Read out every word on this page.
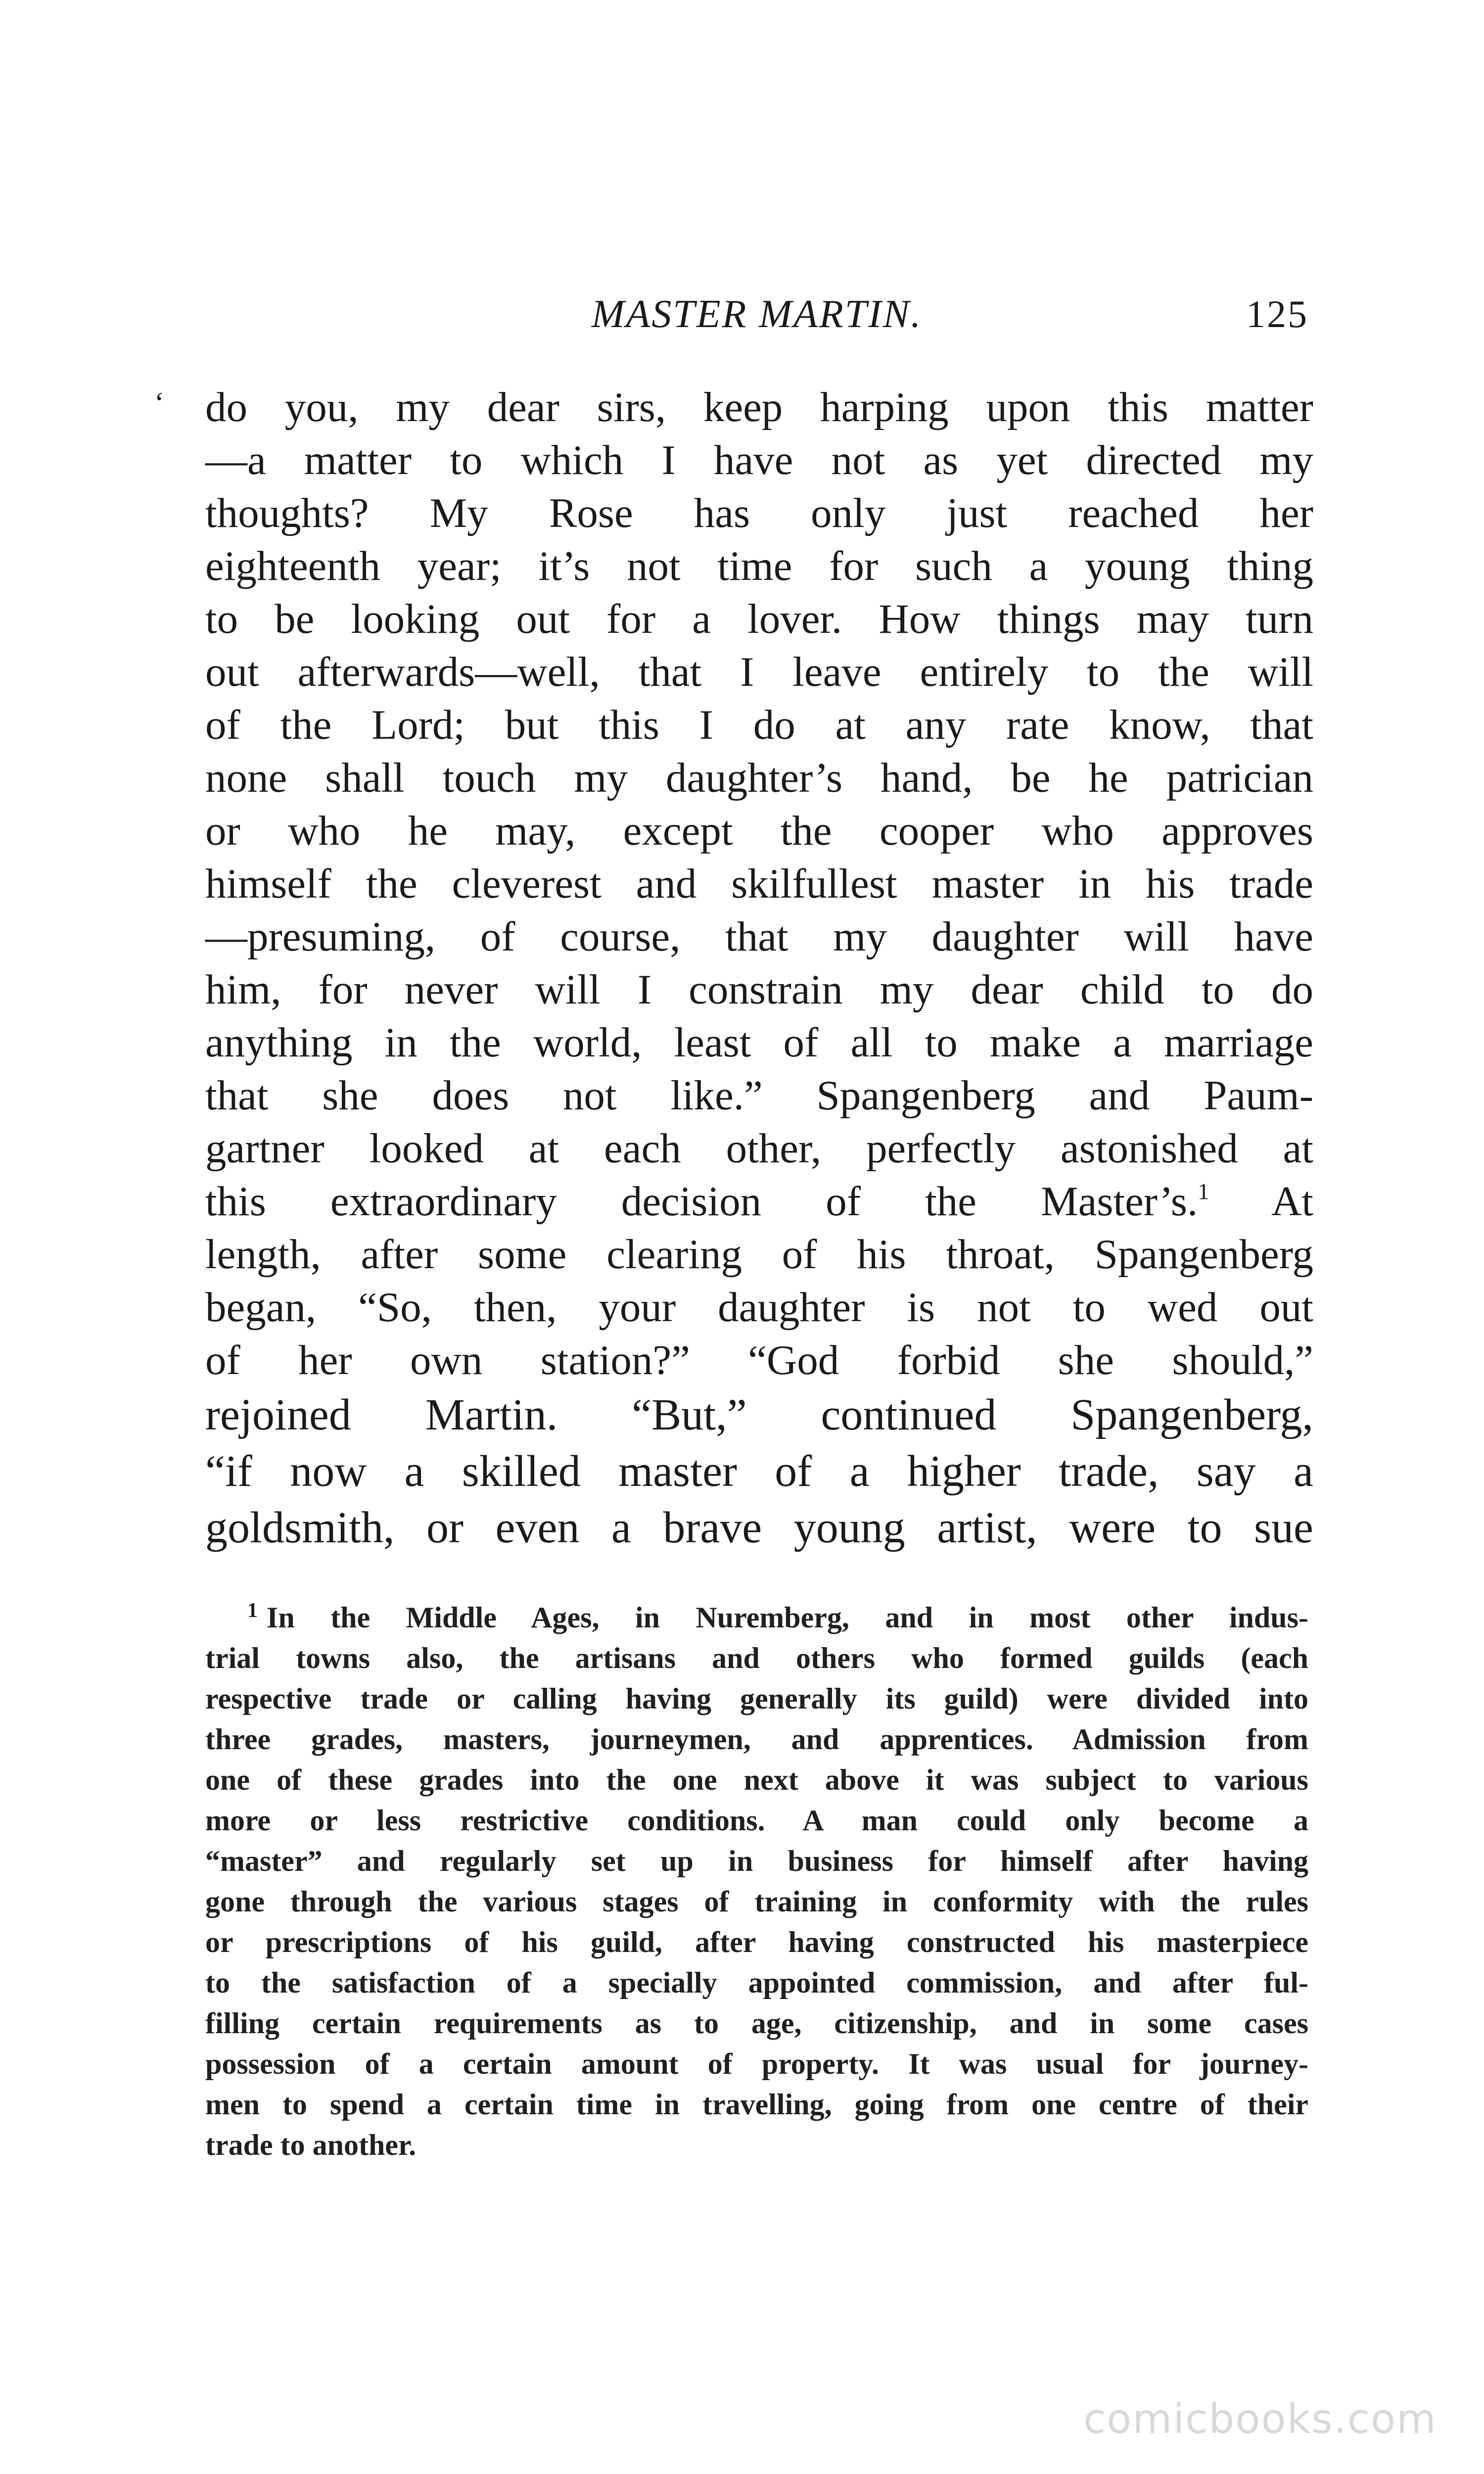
MASTER MARTIN.	125
‘ do you, my dear sirs, keep harping upon this matter
—a matter to which I have not as yet directed my
thoughts? My Rose has only just reached her
eighteenth year; it’s not time for such a young thing
to be looking out for a lover. How things may turn
out afterwards—well, that I leave entirely to the will
of the Lord; but this I do at any rate know, that
none shall touch my daughter’s hand, be he patrician
or who he may, except the cooper who approves
himself the cleverest and skilfullest master in his trade
—presuming, of course, that my daughter will have
him, for never will I constrain my dear child to do
anything in the world, least of all to make a marriage
that she does not like.” Spangenberg and Paum-
gartner looked at each other, perfectly astonished at
this extraordinary decision of the Master’s.$^1$ At
length, after some clearing of his throat, Spangenberg
began, “So, then, your daughter is not to wed out
of her own station?” “God forbid she should,”
rejoined Martin. “But,” continued Spangenberg,
“if now a skilled master of a higher trade, say a
goldsmith, or even a brave young artist, were to sue
$^1$ In the Middle Ages, in Nuremberg, and in most other indus-
trial towns also, the artisans and others who formed guilds (each
respective trade or calling having generally its guild) were divided into
three grades, masters, journeymen, and apprentices. Admission from
one of these grades into the one next above it was subject to various
more or less restrictive conditions. A man could only become a
“master” and regularly set up in business for himself after having
gone through the various stages of training in conformity with the rules
or prescriptions of his guild, after having constructed his masterpiece
to the satisfaction of a specially appointed commission, and after ful-
filling certain requirements as to age, citizenship, and in some cases
possession of a certain amount of property. It was usual for journey-
men to spend a certain time in travelling, going from one centre of their
trade to another.
comicbooks.com
